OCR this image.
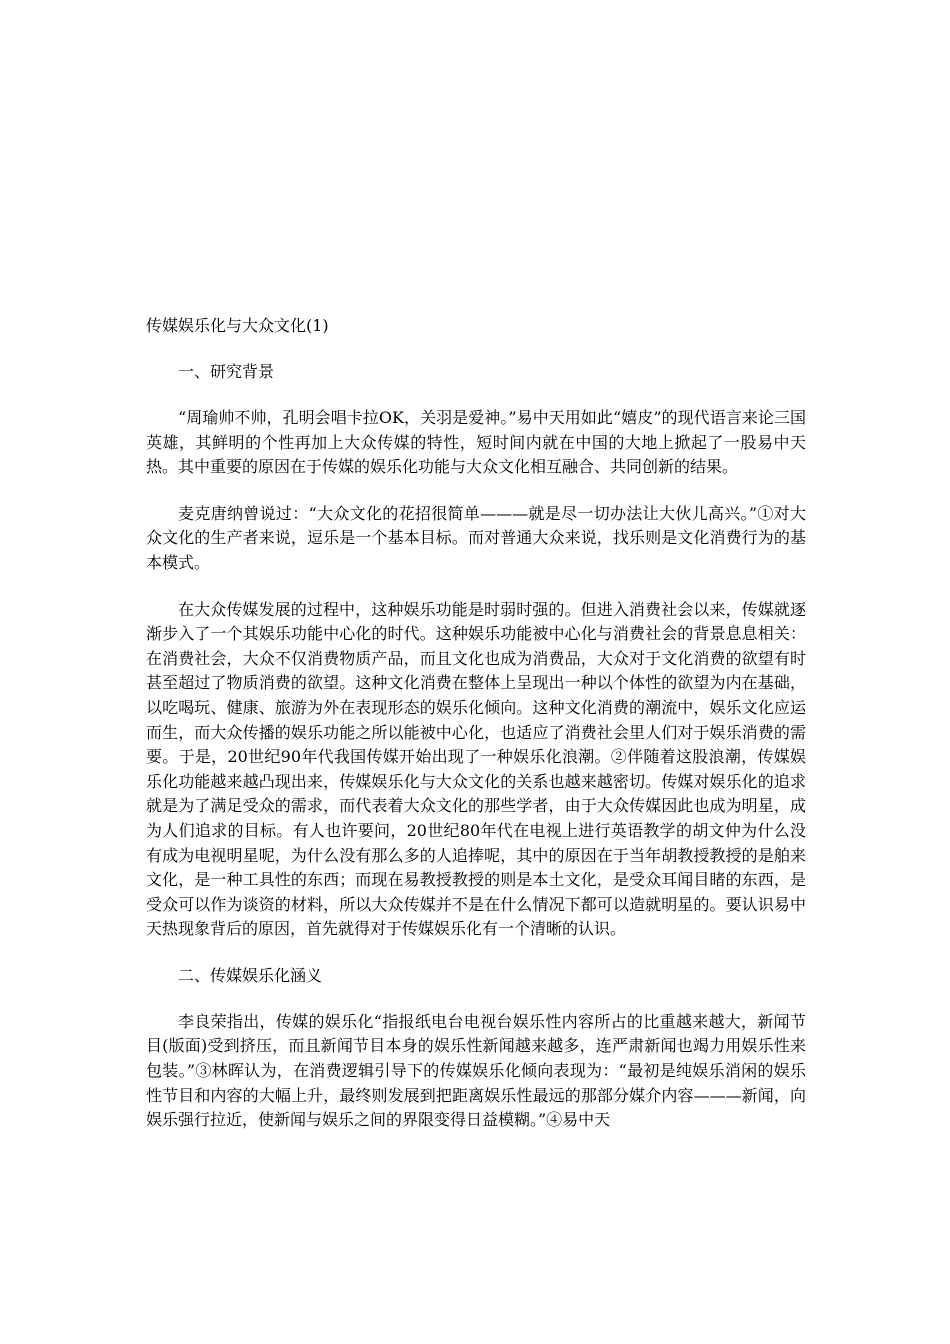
传媒娱乐化与大众文化(1)
一、研究背景

“周瑜帅不帅，孔明会唱卡拉OK，关羽是爱神。”易中天用如此“嬉皮”的现代语言来论三国英雄，其鲜明的个性再加上大众传媒的特性，短时间内就在中国的大地上掀起了一股易中天热。其中重要的原因在于传媒的娱乐化功能与大众文化相互融合、共同创新的结果。

麦克唐纳曾说过：“大众文化的花招很简单———就是尽一切办法让大伙儿高兴。”①对大众文化的生产者来说，逗乐是一个基本目标。而对普通大众来说，找乐则是文化消费行为的基本模式。

在大众传媒发展的过程中，这种娱乐功能是时弱时强的。但进入消费社会以来，传媒就逐渐步入了一个其娱乐功能中心化的时代。这种娱乐功能被中心化与消费社会的背景息息相关：在消费社会，大众不仅消费物质产品，而且文化也成为消费品，大众对于文化消费的欲望有时甚至超过了物质消费的欲望。这种文化消费在整体上呈现出一种以个体性的欲望为内在基础，以吃喝玩、健康、旅游为外在表现形态的娱乐化倾向。这种文化消费的潮流中，娱乐文化应运而生，而大众传播的娱乐功能之所以能被中心化，也适应了消费社会里人们对于娱乐消费的需要。于是，20世纪90年代我国传媒开始出现了一种娱乐化浪潮。②伴随着这股浪潮，传媒娱乐化功能越来越凸现出来，传媒娱乐化与大众文化的关系也越来越密切。传媒对娱乐化的追求就是为了满足受众的需求，而代表着大众文化的那些学者，由于大众传媒因此也成为明星，成为人们追求的目标。有人也许要问，20世纪80年代在电视上进行英语教学的胡文仲为什么没有成为电视明星呢，为什么没有那么多的人追捧呢，其中的原因在于当年胡教授教授的是舶来文化，是一种工具性的东西；而现在易教授教授的则是本土文化，是受众耳闻目睹的东西，是受众可以作为谈资的材料，所以大众传媒并不是在什么情况下都可以造就明星的。要认识易中天热现象背后的原因，首先就得对于传媒娱乐化有一个清晰的认识。

二、传媒娱乐化涵义

李良荣指出，传媒的娱乐化“指报纸电台电视台娱乐性内容所占的比重越来越大，新闻节目(版面)受到挤压，而且新闻节目本身的娱乐性新闻越来越多，连严肃新闻也竭力用娱乐性来包装。”③林晖认为，在消费逻辑引导下的传媒娱乐化倾向表现为：“最初是纯娱乐消闲的娱乐性节目和内容的大幅上升，最终则发展到把距离娱乐性最远的那部分媒介内容———新闻，向娱乐强行拉近，使新闻与娱乐之间的界限变得日益模糊。”④易中天
